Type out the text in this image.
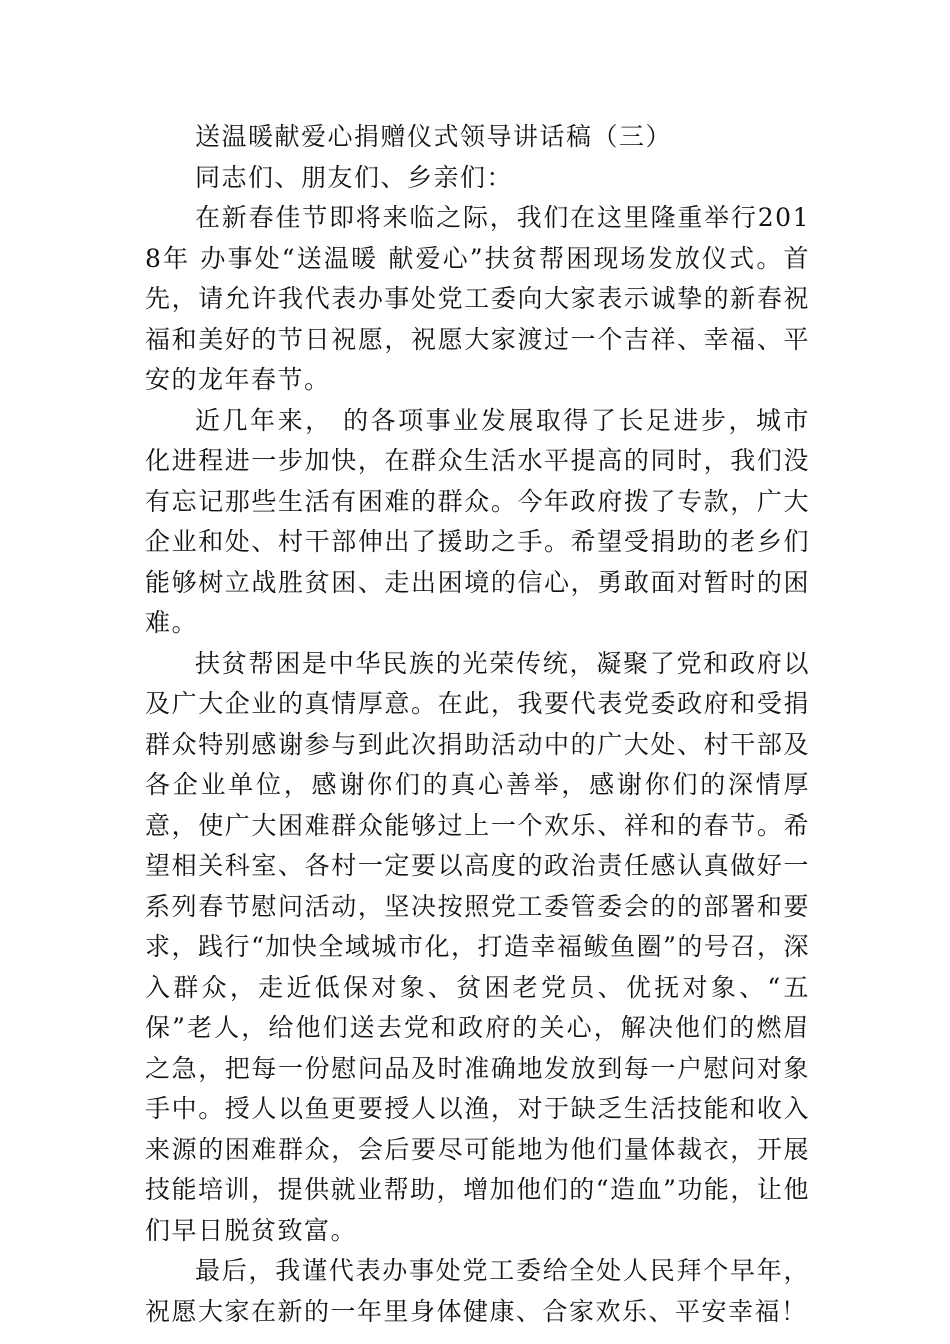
送温暖献爱心捐赠仪式领导讲话稿（三）

同志们、朋友们、乡亲们：

在新春佳节即将来临之际，我们在这里隆重举行2018年 办事处“送温暖 献爱心”扶贫帮困现场发放仪式。首先，请允许我代表办事处党工委向大家表示诚挚的新春祝福和美好的节日祝愿，祝愿大家渡过一个吉祥、幸福、平安的龙年春节。

近几年来， 的各项事业发展取得了长足进步，城市化进程进一步加快，在群众生活水平提高的同时，我们没有忘记那些生活有困难的群众。今年政府拨了专款，广大企业和处、村干部伸出了援助之手。希望受捐助的老乡们能够树立战胜贫困、走出困境的信心，勇敢面对暂时的困难。

扶贫帮困是中华民族的光荣传统，凝聚了党和政府以及广大企业的真情厚意。在此，我要代表党委政府和受捐群众特别感谢参与到此次捐助活动中的广大处、村干部及各企业单位，感谢你们的真心善举，感谢你们的深情厚意，使广大困难群众能够过上一个欢乐、祥和的春节。希望相关科室、各村一定要以高度的政治责任感认真做好一系列春节慰问活动，坚决按照党工委管委会的的部署和要求，践行“加快全域城市化，打造幸福鲅鱼圈”的号召，深入群众，走近低保对象、贫困老党员、优抚对象、“五保”老人，给他们送去党和政府的关心，解决他们的燃眉之急，把每一份慰问品及时准确地发放到每一户慰问对象手中。授人以鱼更要授人以渔，对于缺乏生活技能和收入来源的困难群众，会后要尽可能地为他们量体裁衣，开展技能培训，提供就业帮助，增加他们的“造血”功能，让他们早日脱贫致富。

最后，我谨代表办事处党工委给全处人民拜个早年，祝愿大家在新的一年里身体健康、合家欢乐、平安幸福！
